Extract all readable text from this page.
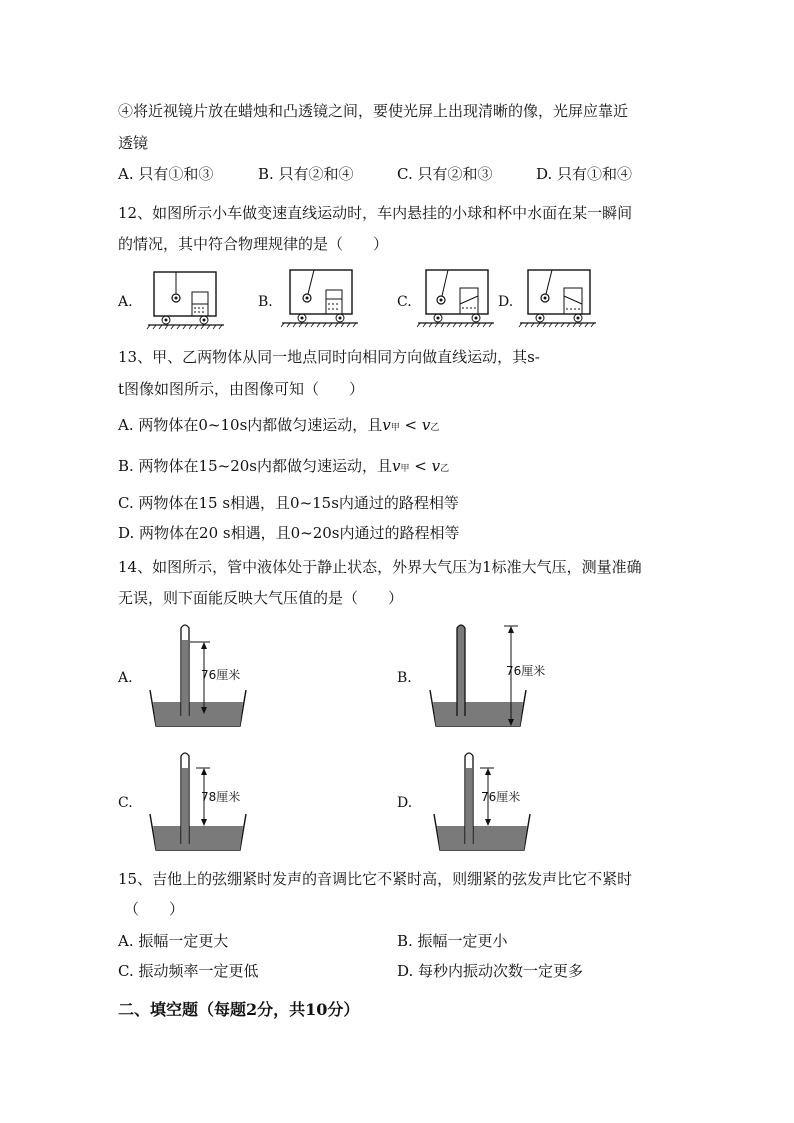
④将近视镜片放在蜡烛和凸透镜之间，要使光屏上出现清晰的像，光屏应靠近
透镜
A. 只有①和③	B. 只有②和④	C. 只有②和③	D. 只有①和④
12、如图所示小车做变速直线运动时，车内悬挂的小球和杯中水面在某一瞬间
的情况，其中符合物理规律的是（　　）
A.	B.	C.	D.
13、甲、乙两物体从同一地点同时向相同方向做直线运动，其s-
t图像如图所示，由图像可知（　　）
A. 两物体在0~10s内都做匀速运动，且v甲 < v乙
B. 两物体在15~20s内都做匀速运动，且v甲 < v乙
C. 两物体在15 s相遇，且0~15s内通过的路程相等
D. 两物体在20 s相遇，且0~20s内通过的路程相等
14、如图所示，管中液体处于静止状态，外界大气压为1标准大气压，测量准确
无误，则下面能反映大气压值的是（　　）
A.	76厘米	B.	76厘米
C.	78厘米	D.	76厘米
15、吉他上的弦绷紧时发声的音调比它不紧时高，则绷紧的弦发声比它不紧时
（　　）
A. 振幅一定更大	B. 振幅一定更小
C. 振动频率一定更低	D. 每秒内振动次数一定更多
二、填空题（每题2分，共10分）
